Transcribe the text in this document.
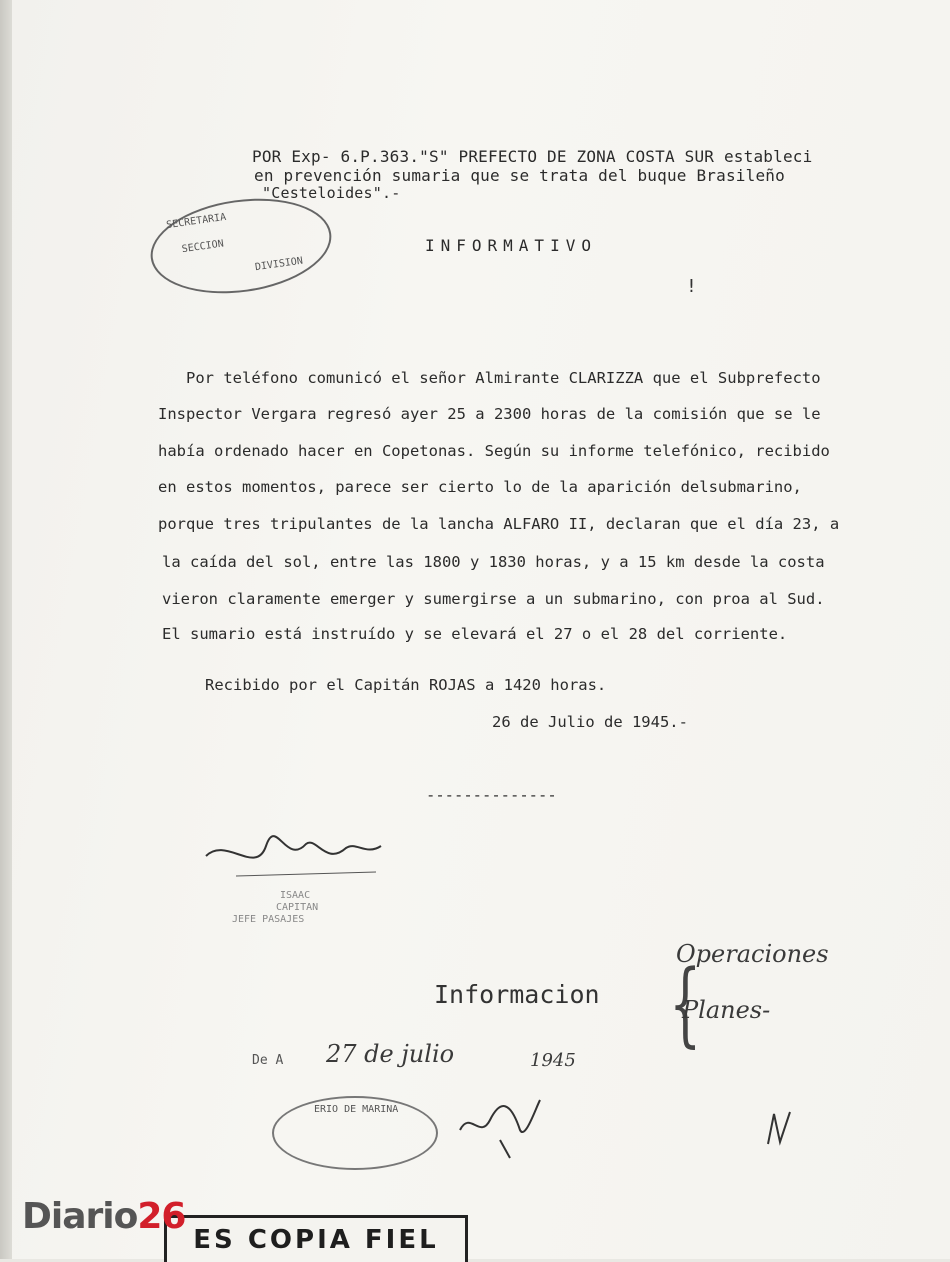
POR Exp- 6.P.363."S" PREFECTO DE ZONA COSTA SUR estableci
en prevención sumaria que se trata del buque Brasileño
"Cesteloides".-
SECRETARIA
SECCION
DIVISION
INFORMATIVO
!
Por teléfono comunicó el señor Almirante CLARIZZA que el Subprefecto
Inspector Vergara regresó ayer 25 a 2300 horas de la comisión que se le
había ordenado hacer en Copetonas. Según su informe telefónico, recibido
en estos momentos, parece ser cierto lo de la aparición delsubmarino,
porque tres tripulantes de la lancha ALFARO II, declaran que el día 23, a
la caída del sol, entre las 1800 y 1830 horas, y a 15 km desde la costa
vieron claramente emerger y sumergirse a un submarino, con proa al Sud.
El sumario está instruído y se elevará el 27 o el 28 del corriente.
Recibido por el Capitán ROJAS a 1420 horas.
26 de Julio de 1945.-
--------------
ISAAC
CAPITAN
JEFE PASAJES
Informacion {
Operaciones
Planes-
De A 27 de julio	1945
ERIO DE MARINA
ES COPIA FIEL
Diario26
